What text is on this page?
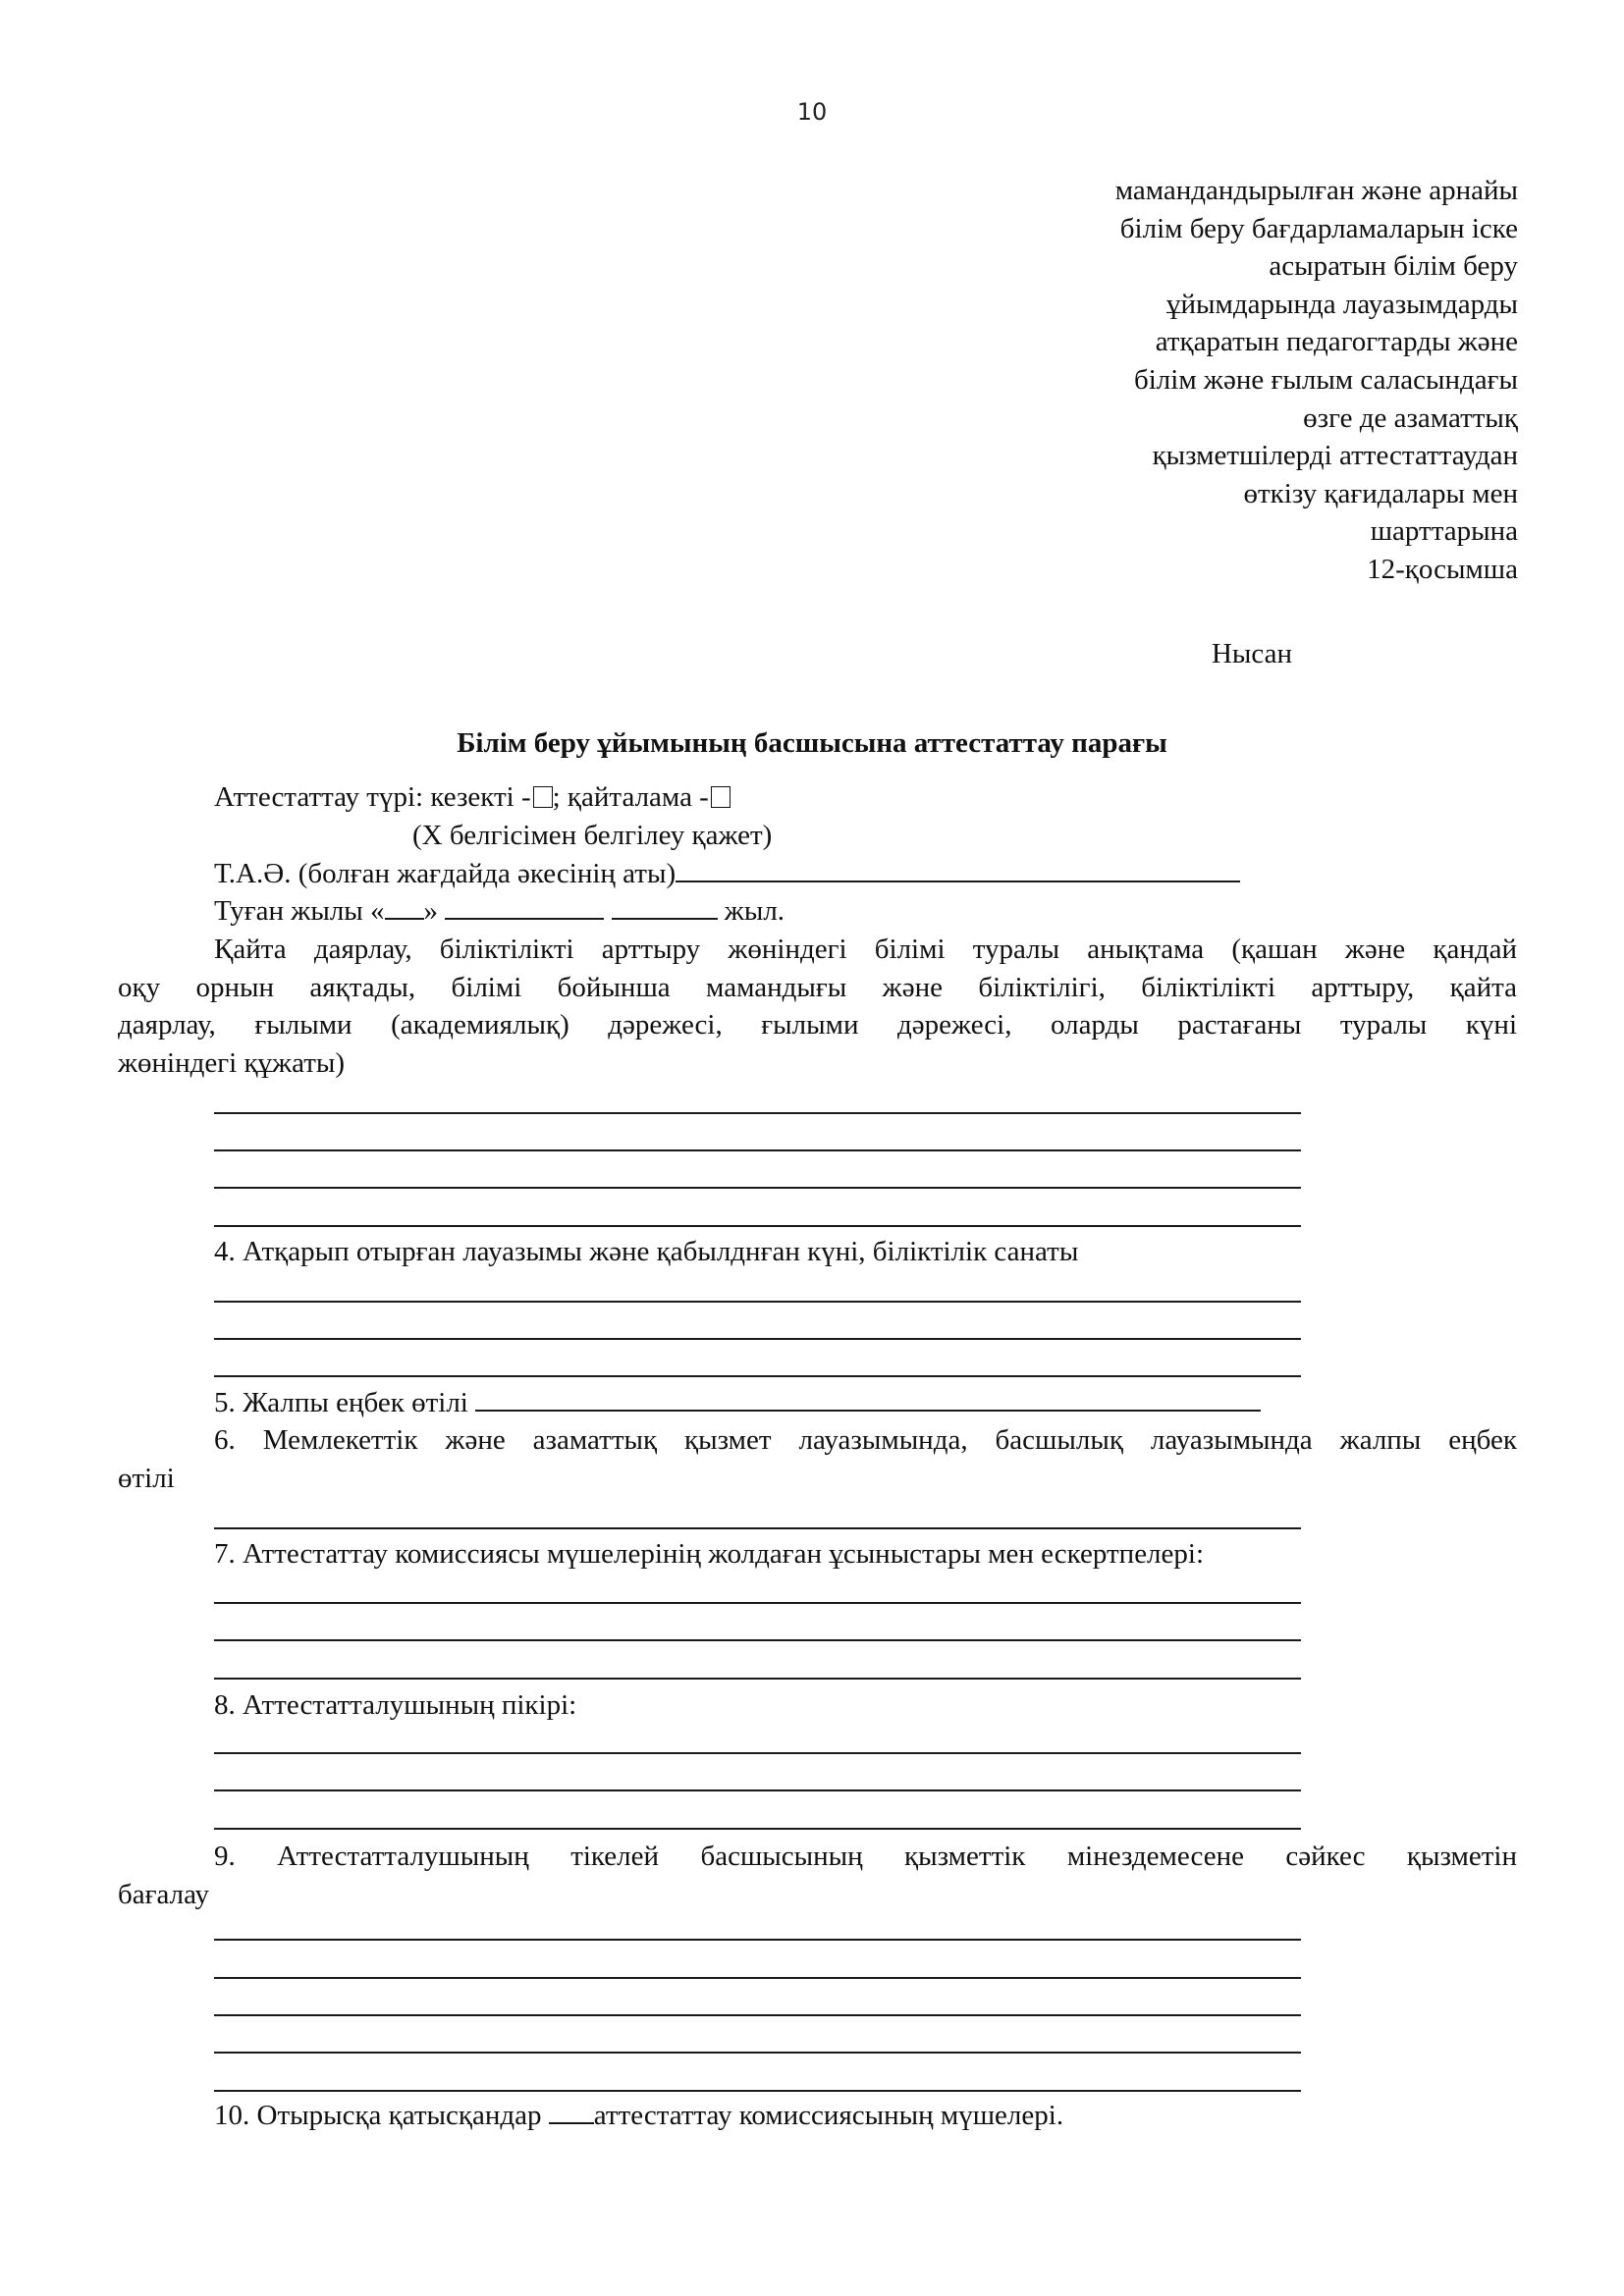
10
мамандандырылған және арнайы
білім беру бағдарламаларын іске
асыратын білім беру
ұйымдарында лауазымдарды
атқаратын педагогтарды және
білім және ғылым саласындағы
өзге де азаматтық
қызметшілерді аттестаттаудан
өткізу қағидалары мен
шарттарына
12-қосымша
Нысан
Білім беру ұйымының басшысына аттестаттау парағы
Аттестаттау түрі: кезекті - ; қайталама -
(Х белгісімен белгілеу қажет)
Т.А.Ә. (болған жағдайда әкесінің аты)
Туған жылы « »	жыл.
Қайта даярлау, біліктілікті арттыру жөніндегі білімі туралы анықтама (қашан және қандай
оқу орнын аяқтады, білімі бойынша мамандығы және біліктілігі, біліктілікті арттыру, қайта
даярлау, ғылыми (академиялық) дәрежесі, ғылыми дәрежесі, оларды растағаны туралы күні
жөніндегі құжаты)
4. Атқарып отырған лауазымы және қабылднған күні, біліктілік санаты
5. Жалпы еңбек өтілі
6. Мемлекеттік және азаматтық қызмет лауазымында, басшылық лауазымында жалпы еңбек
өтілі
7. Аттестаттау комиссиясы мүшелерінің жолдаған ұсыныстары мен ескертпелері:
8. Аттестатталушының пікірі:
9. Аттестатталушының тікелей басшысының қызметтік мінездемесене сәйкес қызметін
бағалау
10. Отырысқа қатысқандар аттестаттау комиссиясының мүшелері.
